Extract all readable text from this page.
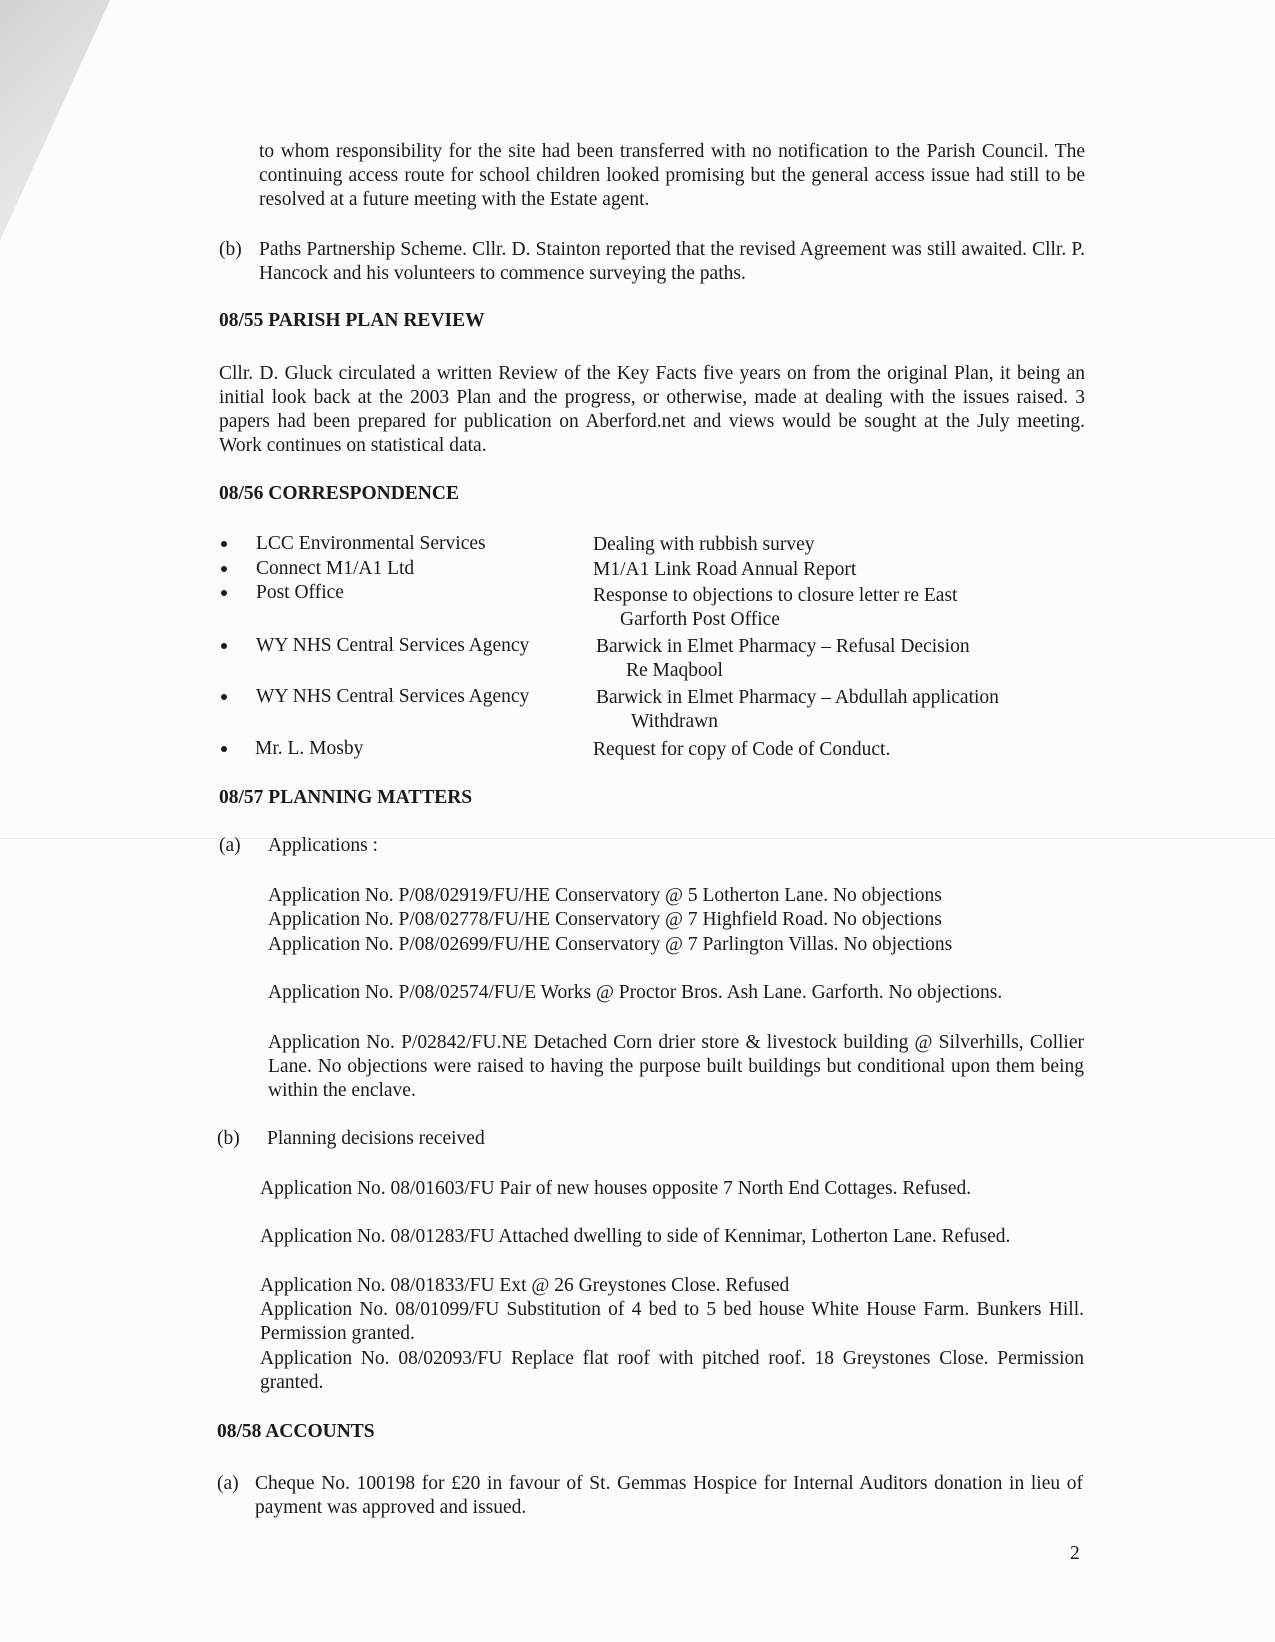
to whom responsibility for the site had been transferred with no notification to the Parish Council. The continuing access route for school children looked promising but the general access issue had still to be resolved at a future meeting with the Estate agent.
(b) Paths Partnership Scheme. Cllr. D. Stainton reported that the revised Agreement was still awaited. Cllr. P. Hancock and his volunteers to commence surveying the paths.
08/55 PARISH PLAN REVIEW
Cllr. D. Gluck circulated a written Review of the Key Facts five years on from the original Plan, it being an initial look back at the 2003 Plan and the progress, or otherwise, made at dealing with the issues raised. 3 papers had been prepared for publication on Aberford.net and views would be sought at the July meeting. Work continues on statistical data.
08/56 CORRESPONDENCE
LCC Environmental Services	Dealing with rubbish survey
Connect M1/A1 Ltd	M1/A1 Link Road Annual Report
Post Office	Response to objections to closure letter re East
Garforth Post Office
WY NHS Central Services Agency	Barwick in Elmet Pharmacy – Refusal Decision
Re Maqbool
WY NHS Central Services Agency	Barwick in Elmet Pharmacy – Abdullah application
Withdrawn
Mr. L. Mosby	Request for copy of Code of Conduct.
08/57 PLANNING MATTERS
(a) Applications :
Application No. P/08/02919/FU/HE Conservatory @ 5 Lotherton Lane. No objections
Application No. P/08/02778/FU/HE Conservatory @ 7 Highfield Road. No objections
Application No. P/08/02699/FU/HE Conservatory @ 7 Parlington Villas. No objections
Application No. P/08/02574/FU/E Works @ Proctor Bros. Ash Lane. Garforth. No objections.
Application No. P/02842/FU.NE Detached Corn drier store & livestock building @ Silverhills, Collier Lane. No objections were raised to having the purpose built buildings but conditional upon them being within the enclave.
(b) Planning decisions received
Application No. 08/01603/FU Pair of new houses opposite 7 North End Cottages. Refused.
Application No. 08/01283/FU Attached dwelling to side of Kennimar, Lotherton Lane. Refused.
Application No. 08/01833/FU Ext @ 26 Greystones Close. Refused
Application No. 08/01099/FU Substitution of 4 bed to 5 bed house White House Farm. Bunkers Hill. Permission granted.
Application No. 08/02093/FU Replace flat roof with pitched roof. 18 Greystones Close. Permission granted.
08/58 ACCOUNTS
(a) Cheque No. 100198 for £20 in favour of St. Gemmas Hospice for Internal Auditors donation in lieu of payment was approved and issued.
2
